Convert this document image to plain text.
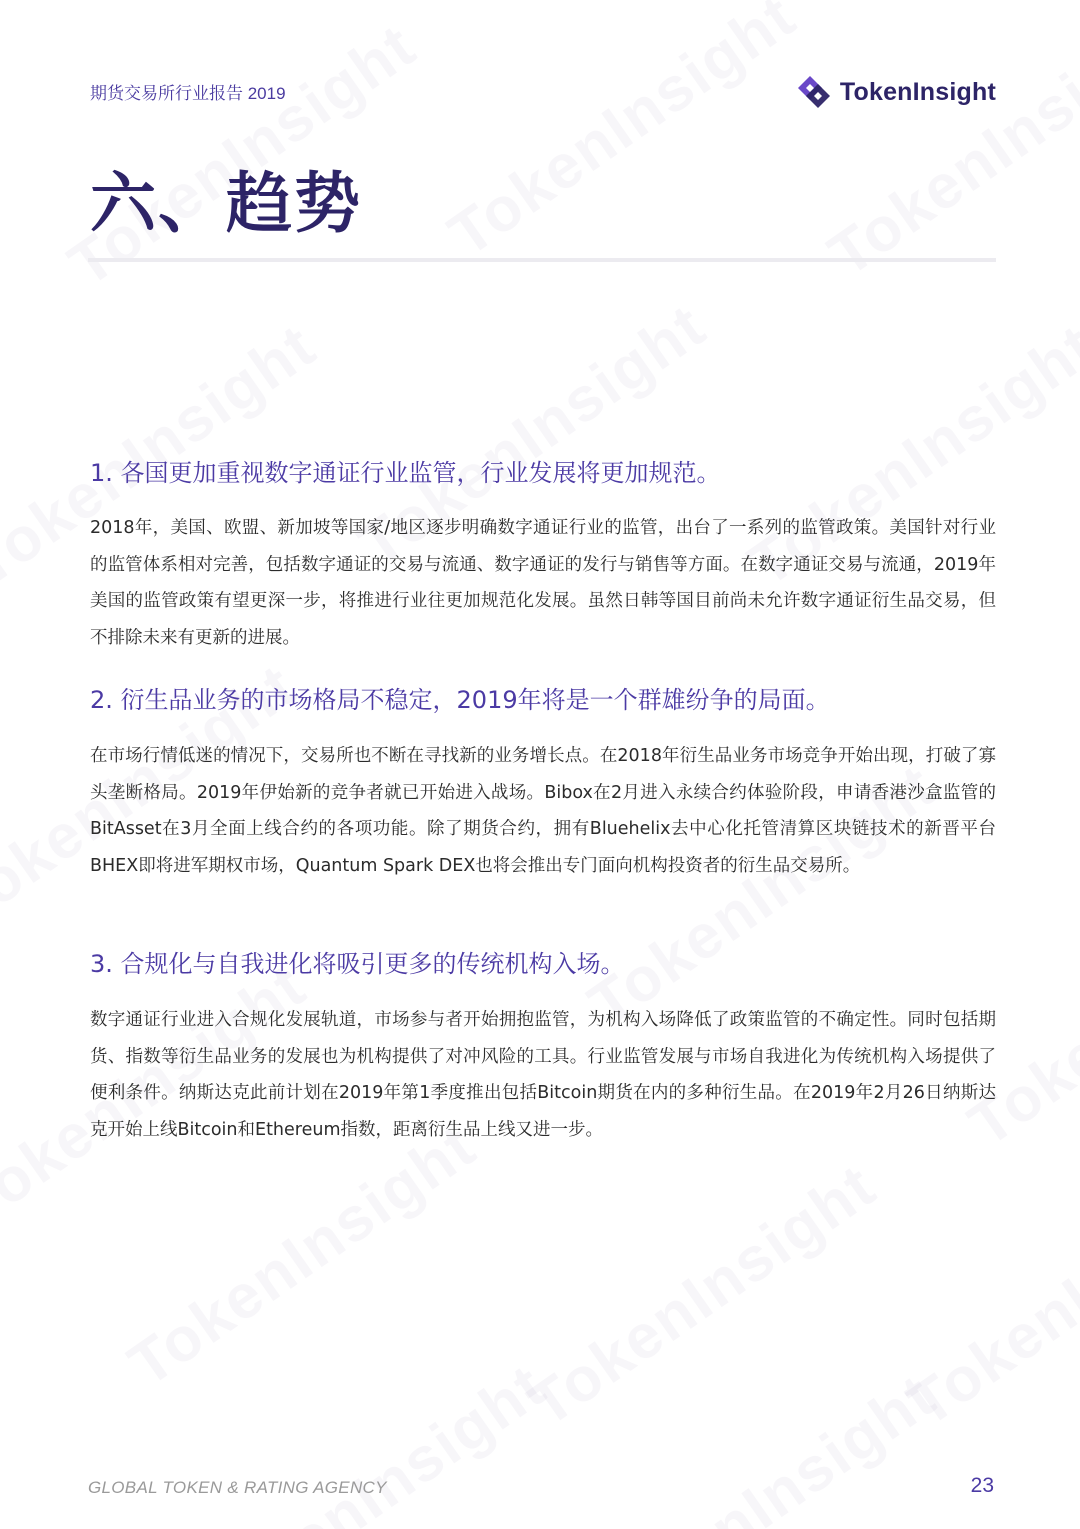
期货交易所行业报告 2019	TokenInsight
六、趋势
1. 各国更加重视数字通证行业监管，行业发展将更加规范。

2018年，美国、欧盟、新加坡等国家/地区逐步明确数字通证行业的监管，出台了一系列的监管政策。美国针对行业的监管体系相对完善，包括数字通证的交易与流通、数字通证的发行与销售等方面。在数字通证交易与流通，2019年美国的监管政策有望更深一步，将推进行业往更加规范化发展。虽然日韩等国目前尚未允许数字通证衍生品交易，但不排除未来有更新的进展。

2. 衍生品业务的市场格局不稳定，2019年将是一个群雄纷争的局面。

在市场行情低迷的情况下，交易所也不断在寻找新的业务增长点。在2018年衍生品业务市场竞争开始出现，打破了寡头垄断格局。2019年伊始新的竞争者就已开始进入战场。Bibox在2月进入永续合约体验阶段，申请香港沙盒监管的BitAsset在3月全面上线合约的各项功能。除了期货合约，拥有Bluehelix去中心化托管清算区块链技术的新晋平台BHEX即将进军期权市场，Quantum Spark DEX也将会推出专门面向机构投资者的衍生品交易所。

3. 合规化与自我进化将吸引更多的传统机构入场。

数字通证行业进入合规化发展轨道，市场参与者开始拥抱监管，为机构入场降低了政策监管的不确定性。同时包括期货、指数等衍生品业务的发展也为机构提供了对冲风险的工具。行业监管发展与市场自我进化为传统机构入场提供了便利条件。纳斯达克此前计划在2019年第1季度推出包括Bitcoin期货在内的多种衍生品。在2019年2月26日纳斯达克开始上线Bitcoin和Ethereum指数，距离衍生品上线又进一步。

GLOBAL TOKEN & RATING AGENCY	23
